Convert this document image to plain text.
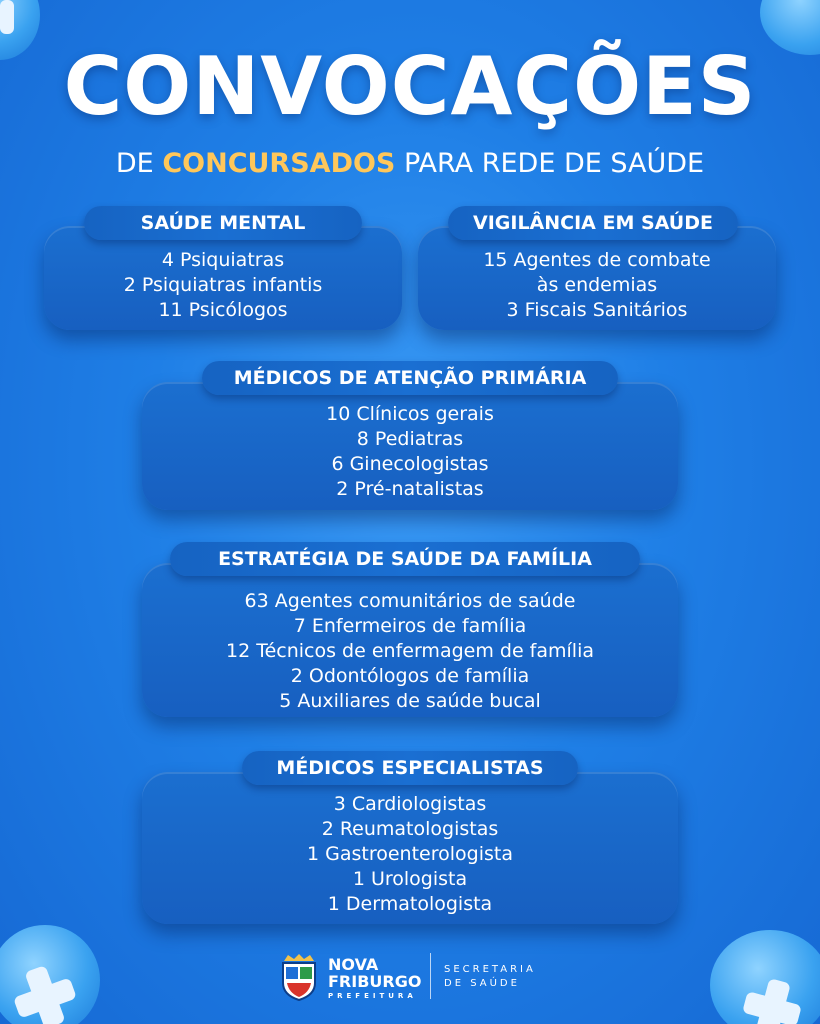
CONVOCAÇÕES
DE CONCURSADOS PARA REDE DE SAÚDE
4 Psiquiatras
2 Psiquiatras infantis
11 Psicólogos
SAÚDE MENTAL
15 Agentes de combate
às endemias
3 Fiscais Sanitários
VIGILÂNCIA EM SAÚDE
10 Clínicos gerais
8 Pediatras
6 Ginecologistas
2 Pré-natalistas
MÉDICOS DE ATENÇÃO PRIMÁRIA
63 Agentes comunitários de saúde
7 Enfermeiros de família
12 Técnicos de enfermagem de família
2 Odontólogos de família
5 Auxiliares de saúde bucal
ESTRATÉGIA DE SAÚDE DA FAMÍLIA
3 Cardiologistas
2 Reumatologistas
1 Gastroenterologista
1 Urologista
1 Dermatologista
MÉDICOS ESPECIALISTAS
NOVA
FRIBURGO
PREFEITURA
SECRETARIA
DE SAÚDE
